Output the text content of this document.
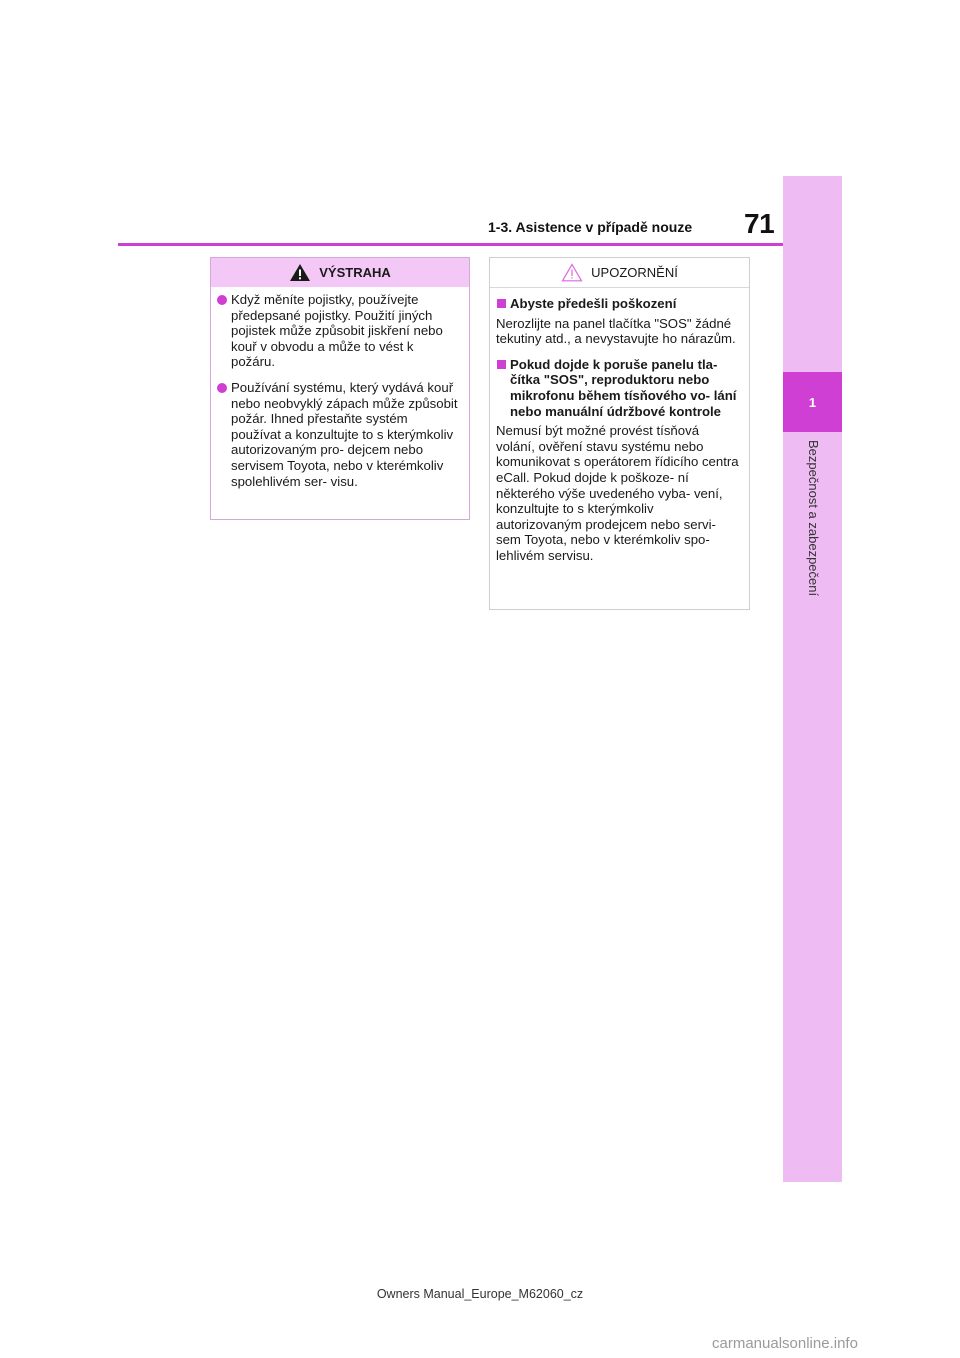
1
Bezpečnost a zabezpečení
71
1-3. Asistence v případě nouze
VÝSTRAHA
Když měníte pojistky, používejte předepsané pojistky. Použití jiných pojistek může způsobit jiskření nebo kouř v obvodu a může to vést k požáru.
Používání systému, který vydává kouř nebo neobvyklý zápach může způsobit požár. Ihned přestaňte systém používat a konzultujte to s kterýmkoliv autorizovaným pro- dejcem nebo servisem Toyota, nebo v kterémkoliv spolehlivém ser- visu.
UPOZORNĚNÍ
Abyste předešli poškození
Nerozlijte na panel tlačítka "SOS" žádné tekutiny atd., a nevystavujte ho nárazům.
Pokud dojde k poruše panelu tla- čítka "SOS", reproduktoru nebo mikrofonu během tísňového vo- lání nebo manuální údržbové kontrole
Nemusí být možné provést tísňová volání, ověření stavu systému nebo komunikovat s operátorem řídicího centra eCall. Pokud dojde k poškoze- ní některého výše uvedeného vyba- vení, konzultujte to s kterýmkoliv autorizovaným prodejcem nebo servi- sem Toyota, nebo v kterémkoliv spo- lehlivém servisu.
Owners Manual_Europe_M62060_cz
carmanualsonline.info
